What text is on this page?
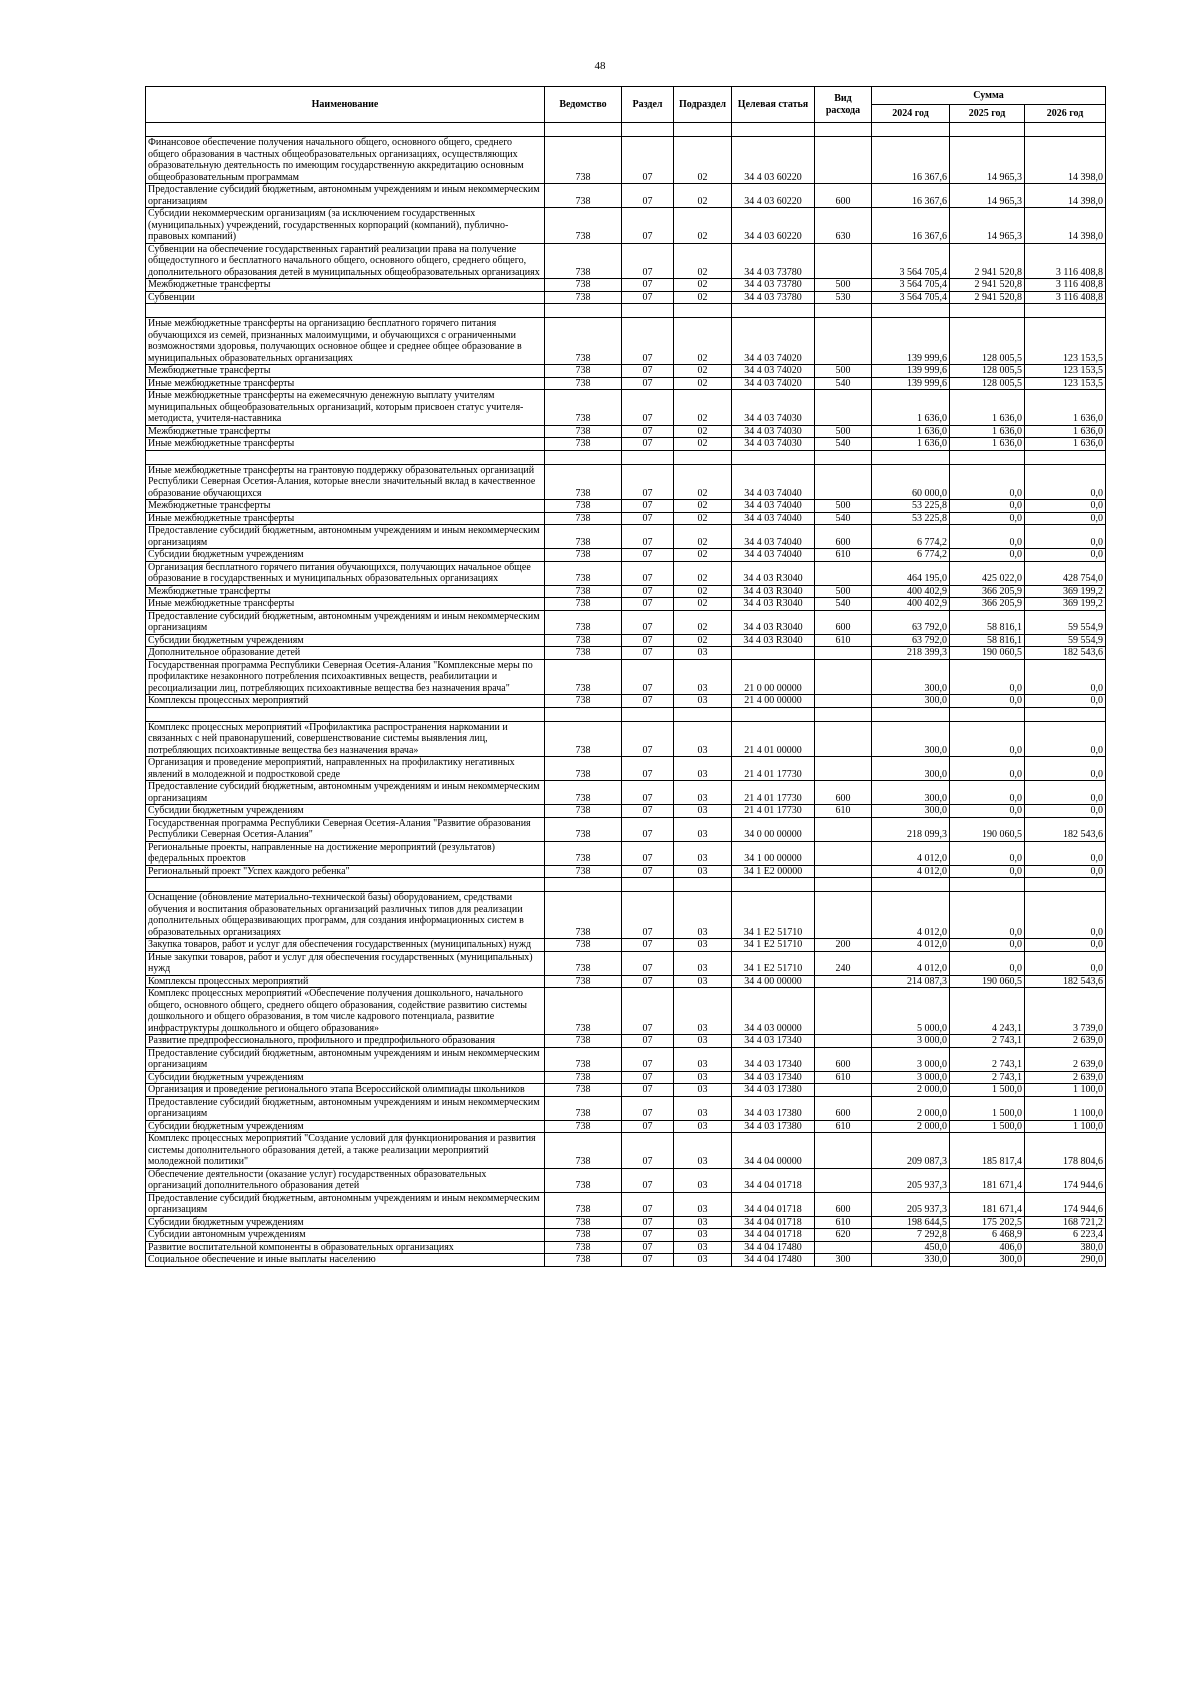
48
Наименование	Ведомство	Раздел	Подраздел	Целевая статья	Вид расхода	Сумма		
						2024 год	2025 год	2026 год

Финансовое обеспечение получения начального общего, основного общего, среднего общего образования в частных общеобразовательных организациях, осуществляющих образовательную деятельность по имеющим государственную аккредитацию основным общеобразовательным программам	738	07	02	34 4 03 60220		16 367,6	14 965,3	14 398,0
Предоставление субсидий бюджетным, автономным учреждениям и иным некоммерческим организациям	738	07	02	34 4 03 60220	600	16 367,6	14 965,3	14 398,0
Субсидии некоммерческим организациям (за исключением государственных (муниципальных) учреждений, государственных корпораций (компаний), публично-правовых компаний)	738	07	02	34 4 03 60220	630	16 367,6	14 965,3	14 398,0
Субвенции на обеспечение государственных гарантий реализации права на получение общедоступного и бесплатного начального общего, основного общего, среднего общего, дополнительного образования детей в муниципальных общеобразовательных организациях	738	07	02	34 4 03 73780		3 564 705,4	2 941 520,8	3 116 408,8
Межбюджетные трансферты	738	07	02	34 4 03 73780	500	3 564 705,4	2 941 520,8	3 116 408,8
Субвенции	738	07	02	34 4 03 73780	530	3 564 705,4	2 941 520,8	3 116 408,8

Иные межбюджетные трансферты на организацию бесплатного горячего питания обучающихся из семей, признанных малоимущими, и обучающихся с ограниченными возможностями здоровья, получающих основное общее и среднее общее образование в муниципальных образовательных организациях	738	07	02	34 4 03 74020		139 999,6	128 005,5	123 153,5
Межбюджетные трансферты	738	07	02	34 4 03 74020	500	139 999,6	128 005,5	123 153,5
Иные межбюджетные трансферты	738	07	02	34 4 03 74020	540	139 999,6	128 005,5	123 153,5
Иные межбюджетные трансферты на ежемесячную денежную выплату учителям муниципальных общеобразовательных организаций, которым присвоен статус учителя-методиста, учителя-наставника	738	07	02	34 4 03 74030		1 636,0	1 636,0	1 636,0
Межбюджетные трансферты	738	07	02	34 4 03 74030	500	1 636,0	1 636,0	1 636,0
Иные межбюджетные трансферты	738	07	02	34 4 03 74030	540	1 636,0	1 636,0	1 636,0

Иные межбюджетные трансферты на грантовую поддержку образовательных организаций Республики Северная Осетия-Алания, которые внесли значительный вклад в качественное образование обучающихся	738	07	02	34 4 03 74040		60 000,0	0,0	0,0
Межбюджетные трансферты	738	07	02	34 4 03 74040	500	53 225,8	0,0	0,0
Иные межбюджетные трансферты	738	07	02	34 4 03 74040	540	53 225,8	0,0	0,0
Предоставление субсидий бюджетным, автономным учреждениям и иным некоммерческим организациям	738	07	02	34 4 03 74040	600	6 774,2	0,0	0,0
Субсидии бюджетным учреждениям	738	07	02	34 4 03 74040	610	6 774,2	0,0	0,0
Организация бесплатного горячего питания обучающихся, получающих начальное общее образование в государственных и муниципальных образовательных организациях	738	07	02	34 4 03 R3040		464 195,0	425 022,0	428 754,0
Межбюджетные трансферты	738	07	02	34 4 03 R3040	500	400 402,9	366 205,9	369 199,2
Иные межбюджетные трансферты	738	07	02	34 4 03 R3040	540	400 402,9	366 205,9	369 199,2
Предоставление субсидий бюджетным, автономным учреждениям и иным некоммерческим организациям	738	07	02	34 4 03 R3040	600	63 792,0	58 816,1	59 554,9
Субсидии бюджетным учреждениям	738	07	02	34 4 03 R3040	610	63 792,0	58 816,1	59 554,9
Дополнительное образование детей	738	07	03			218 399,3	190 060,5	182 543,6
Государственная программа Республики Северная Осетия-Алания "Комплексные меры по профилактике незаконного потребления психоактивных веществ, реабилитации и ресоциализации лиц, потребляющих психоактивные вещества без назначения врача"	738	07	03	21 0 00 00000		300,0	0,0	0,0
Комплексы процессных мероприятий	738	07	03	21 4 00 00000		300,0	0,0	0,0

Комплекс процессных мероприятий «Профилактика распространения наркомании и связанных с ней правонарушений, совершенствование системы выявления лиц, потребляющих психоактивные вещества без назначения врача»	738	07	03	21 4 01 00000		300,0	0,0	0,0
Организация и проведение мероприятий, направленных на профилактику негативных явлений в молодежной и подростковой среде	738	07	03	21 4 01 17730		300,0	0,0	0,0
Предоставление субсидий бюджетным, автономным учреждениям и иным некоммерческим организациям	738	07	03	21 4 01 17730	600	300,0	0,0	0,0
Субсидии бюджетным учреждениям	738	07	03	21 4 01 17730	610	300,0	0,0	0,0
Государственная программа Республики Северная Осетия-Алания "Развитие образования Республики Северная Осетия-Алания"	738	07	03	34 0 00 00000		218 099,3	190 060,5	182 543,6
Региональные проекты, направленные на достижение мероприятий (результатов) федеральных проектов	738	07	03	34 1 00 00000		4 012,0	0,0	0,0
Региональный проект "Успех каждого ребенка"	738	07	03	34 1 E2 00000		4 012,0	0,0	0,0

Оснащение (обновление материально-технической базы) оборудованием, средствами обучения и воспитания образовательных организаций различных типов для реализации дополнительных общеразвивающих программ, для создания информационных систем в образовательных организациях	738	07	03	34 1 E2 51710		4 012,0	0,0	0,0
Закупка товаров, работ и услуг для обеспечения государственных (муниципальных) нужд	738	07	03	34 1 E2 51710	200	4 012,0	0,0	0,0
Иные закупки товаров, работ и услуг для обеспечения государственных (муниципальных) нужд	738	07	03	34 1 E2 51710	240	4 012,0	0,0	0,0
Комплексы процессных мероприятий	738	07	03	34 4 00 00000		214 087,3	190 060,5	182 543,6
Комплекс процессных мероприятий «Обеспечение получения дошкольного, начального общего, основного общего, среднего общего образования, содействие развитию системы дошкольного и общего образования, в том числе кадрового потенциала, развитие инфраструктуры дошкольного и общего образования»	738	07	03	34 4 03 00000		5 000,0	4 243,1	3 739,0
Развитие предпрофессионального, профильного и предпрофильного образования	738	07	03	34 4 03 17340		3 000,0	2 743,1	2 639,0
Предоставление субсидий бюджетным, автономным учреждениям и иным некоммерческим организациям	738	07	03	34 4 03 17340	600	3 000,0	2 743,1	2 639,0
Субсидии бюджетным учреждениям	738	07	03	34 4 03 17340	610	3 000,0	2 743,1	2 639,0
Организация и проведение регионального этапа Всероссийской олимпиады школьников	738	07	03	34 4 03 17380		2 000,0	1 500,0	1 100,0
Предоставление субсидий бюджетным, автономным учреждениям и иным некоммерческим организациям	738	07	03	34 4 03 17380	600	2 000,0	1 500,0	1 100,0
Субсидии бюджетным учреждениям	738	07	03	34 4 03 17380	610	2 000,0	1 500,0	1 100,0
Комплекс процессных мероприятий "Создание условий для функционирования и развития системы дополнительного образования детей, а также реализации мероприятий молодежной политики"	738	07	03	34 4 04 00000		209 087,3	185 817,4	178 804,6
Обеспечение деятельности (оказание услуг) государственных образовательных организаций дополнительного образования детей	738	07	03	34 4 04 01718		205 937,3	181 671,4	174 944,6
Предоставление субсидий бюджетным, автономным учреждениям и иным некоммерческим организациям	738	07	03	34 4 04 01718	600	205 937,3	181 671,4	174 944,6
Субсидии бюджетным учреждениям	738	07	03	34 4 04 01718	610	198 644,5	175 202,5	168 721,2
Субсидии автономным учреждениям	738	07	03	34 4 04 01718	620	7 292,8	6 468,9	6 223,4
Развитие воспитательной компоненты в образовательных организациях	738	07	03	34 4 04 17480		450,0	406,0	380,0
Социальное обеспечение и иные выплаты населению	738	07	03	34 4 04 17480	300	330,0	300,0	290,0
